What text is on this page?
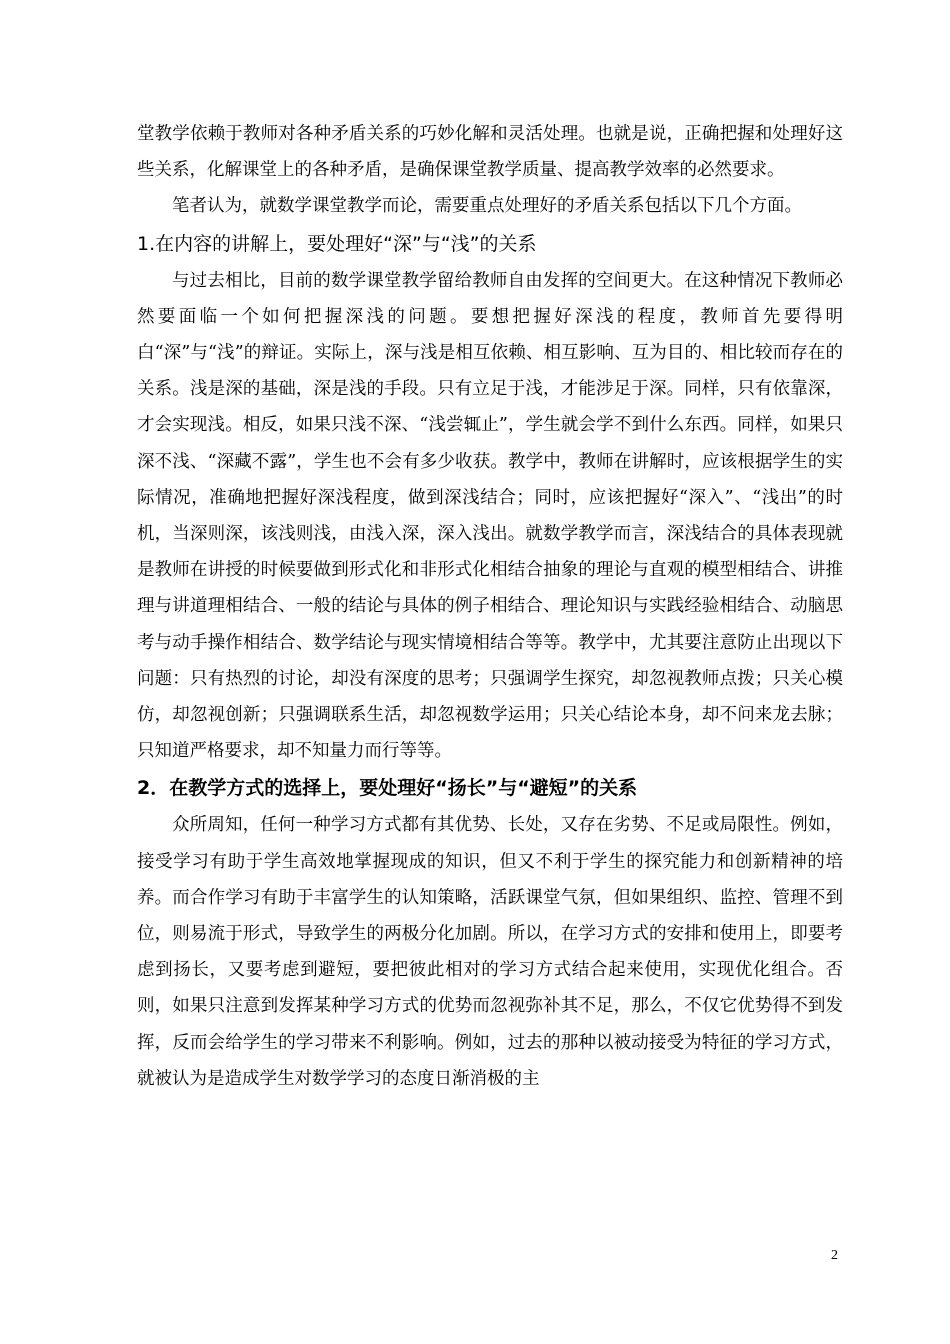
堂教学依赖于教师对各种矛盾关系的巧妙化解和灵活处理。也就是说，正确把握和处理好这些关系，化解课堂上的各种矛盾，是确保课堂教学质量、提高教学效率的必然要求。

笔者认为，就数学课堂教学而论，需要重点处理好的矛盾关系包括以下几个方面。

1.在内容的讲解上，要处理好“深”与“浅”的关系

与过去相比，目前的数学课堂教学留给教师自由发挥的空间更大。在这种情况下教师必然要面临一个如何把握深浅的问题。要想把握好深浅的程度，教师首先要得明白“深”与“浅”的辩证。实际上，深与浅是相互依赖、相互影响、互为目的、相比较而存在的关系。浅是深的基础，深是浅的手段。只有立足于浅，才能涉足于深。同样，只有依靠深，才会实现浅。相反，如果只浅不深、“浅尝辄止”，学生就会学不到什么东西。同样，如果只深不浅、“深藏不露”，学生也不会有多少收获。教学中，教师在讲解时，应该根据学生的实际情况，准确地把握好深浅程度，做到深浅结合；同时，应该把握好“深入”、“浅出”的时机，当深则深，该浅则浅，由浅入深，深入浅出。就数学教学而言，深浅结合的具体表现就是教师在讲授的时候要做到形式化和非形式化相结合抽象的理论与直观的模型相结合、讲推理与讲道理相结合、一般的结论与具体的例子相结合、理论知识与实践经验相结合、动脑思考与动手操作相结合、数学结论与现实情境相结合等等。教学中，尤其要注意防止出现以下问题：只有热烈的讨论，却没有深度的思考；只强调学生探究，却忽视教师点拨；只关心模仿，却忽视创新；只强调联系生活，却忽视数学运用；只关心结论本身，却不问来龙去脉；只知道严格要求，却不知量力而行等等。

2．在教学方式的选择上，要处理好“扬长”与“避短”的关系

众所周知，任何一种学习方式都有其优势、长处，又存在劣势、不足或局限性。例如，接受学习有助于学生高效地掌握现成的知识，但又不利于学生的探究能力和创新精神的培养。而合作学习有助于丰富学生的认知策略，活跃课堂气氛，但如果组织、监控、管理不到位，则易流于形式，导致学生的两极分化加剧。所以，在学习方式的安排和使用上，即要考虑到扬长，又要考虑到避短，要把彼此相对的学习方式结合起来使用，实现优化组合。否则，如果只注意到发挥某种学习方式的优势而忽视弥补其不足，那么，不仅它优势得不到发挥，反而会给学生的学习带来不利影响。例如，过去的那种以被动接受为特征的学习方式，就被认为是造成学生对数学学习的态度日渐消极的主

2
